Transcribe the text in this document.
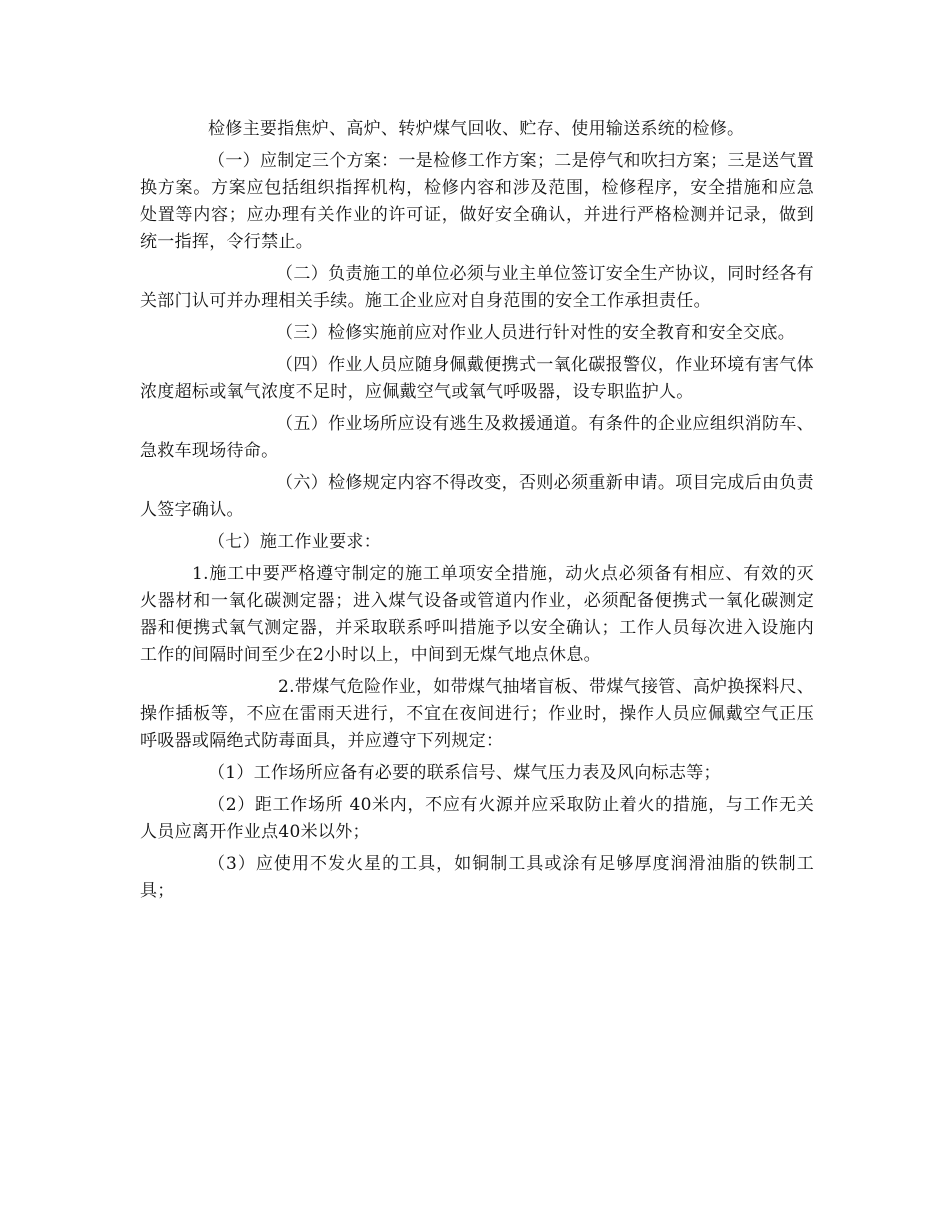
检修主要指焦炉、高炉、转炉煤气回收、贮存、使用输送系统的检修。

（一）应制定三个方案：一是检修工作方案；二是停气和吹扫方案；三是送气置换方案。方案应包括组织指挥机构，检修内容和涉及范围，检修程序，安全措施和应急处置等内容；应办理有关作业的许可证，做好安全确认，并进行严格检测并记录，做到统一指挥，令行禁止。

（二）负责施工的单位必须与业主单位签订安全生产协议，同时经各有关部门认可并办理相关手续。施工企业应对自身范围的安全工作承担责任。

（三）检修实施前应对作业人员进行针对性的安全教育和安全交底。

（四）作业人员应随身佩戴便携式一氧化碳报警仪，作业环境有害气体浓度超标或氧气浓度不足时，应佩戴空气或氧气呼吸器，设专职监护人。

（五）作业场所应设有逃生及救援通道。有条件的企业应组织消防车、急救车现场待命。

（六）检修规定内容不得改变，否则必须重新申请。项目完成后由负责人签字确认。

（七）施工作业要求：

1.施工中要严格遵守制定的施工单项安全措施，动火点必须备有相应、有效的灭火器材和一氧化碳测定器；进入煤气设备或管道内作业，必须配备便携式一氧化碳测定器和便携式氧气测定器，并采取联系呼叫措施予以安全确认；工作人员每次进入设施内工作的间隔时间至少在2小时以上，中间到无煤气地点休息。

2.带煤气危险作业，如带煤气抽堵盲板、带煤气接管、高炉换探料尺、操作插板等，不应在雷雨天进行，不宜在夜间进行；作业时，操作人员应佩戴空气正压呼吸器或隔绝式防毒面具，并应遵守下列规定：

（1）工作场所应备有必要的联系信号、煤气压力表及风向标志等；

（2）距工作场所 40米内，不应有火源并应采取防止着火的措施，与工作无关人员应离开作业点40米以外；

（3）应使用不发火星的工具，如铜制工具或涂有足够厚度润滑油脂的铁制工具；
